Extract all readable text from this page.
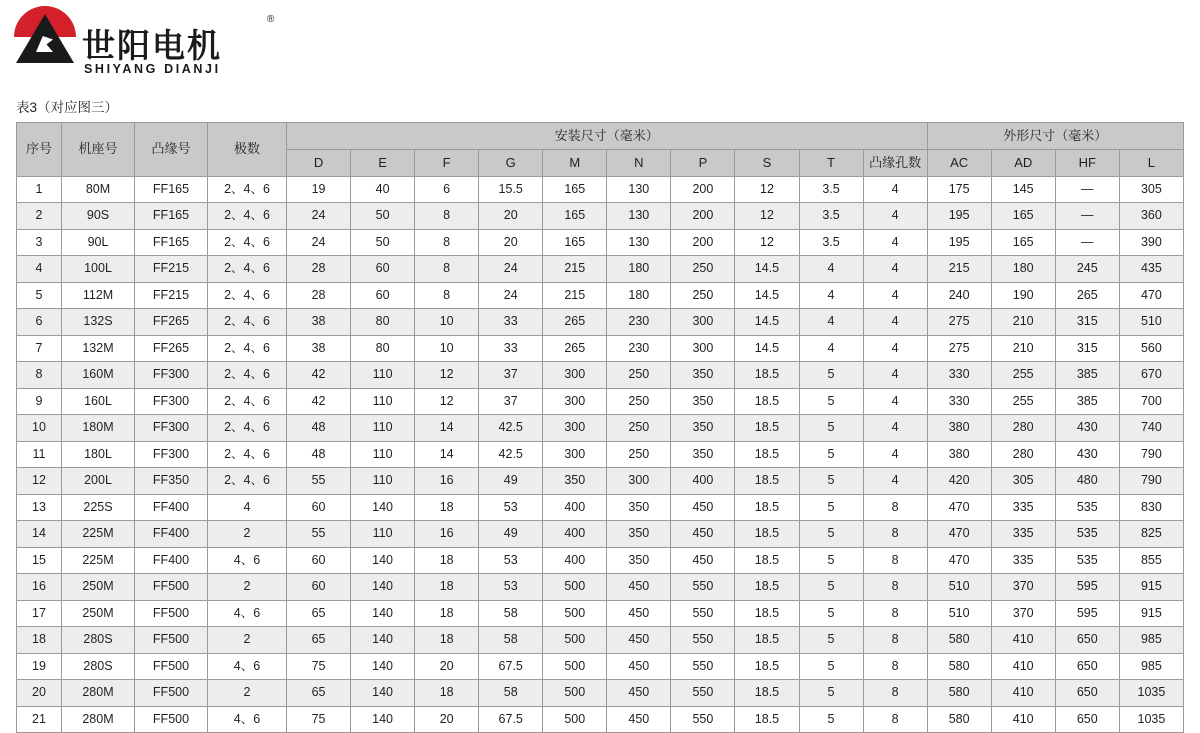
世阳电机
®
SHIYANG DIANJI
表3（对应图三）
序号	机座号	凸缘号	极数	安装尺寸（毫米）										外形尺寸（毫米）			
				D	E	F	G	M	N	P	S	T	凸缘孔数	AC	AD	HF	L
1	80M	FF165	2、4、6	19	40	6	15.5	165	130	200	12	3.5	4	175	145	—	305
2	90S	FF165	2、4、6	24	50	8	20	165	130	200	12	3.5	4	195	165	—	360
3	90L	FF165	2、4、6	24	50	8	20	165	130	200	12	3.5	4	195	165	—	390
4	100L	FF215	2、4、6	28	60	8	24	215	180	250	14.5	4	4	215	180	245	435
5	112M	FF215	2、4、6	28	60	8	24	215	180	250	14.5	4	4	240	190	265	470
6	132S	FF265	2、4、6	38	80	10	33	265	230	300	14.5	4	4	275	210	315	510
7	132M	FF265	2、4、6	38	80	10	33	265	230	300	14.5	4	4	275	210	315	560
8	160M	FF300	2、4、6	42	110	12	37	300	250	350	18.5	5	4	330	255	385	670
9	160L	FF300	2、4、6	42	110	12	37	300	250	350	18.5	5	4	330	255	385	700
10	180M	FF300	2、4、6	48	110	14	42.5	300	250	350	18.5	5	4	380	280	430	740
11	180L	FF300	2、4、6	48	110	14	42.5	300	250	350	18.5	5	4	380	280	430	790
12	200L	FF350	2、4、6	55	110	16	49	350	300	400	18.5	5	4	420	305	480	790
13	225S	FF400	4	60	140	18	53	400	350	450	18.5	5	8	470	335	535	830
14	225M	FF400	2	55	110	16	49	400	350	450	18.5	5	8	470	335	535	825
15	225M	FF400	4、6	60	140	18	53	400	350	450	18.5	5	8	470	335	535	855
16	250M	FF500	2	60	140	18	53	500	450	550	18.5	5	8	510	370	595	915
17	250M	FF500	4、6	65	140	18	58	500	450	550	18.5	5	8	510	370	595	915
18	280S	FF500	2	65	140	18	58	500	450	550	18.5	5	8	580	410	650	985
19	280S	FF500	4、6	75	140	20	67.5	500	450	550	18.5	5	8	580	410	650	985
20	280M	FF500	2	65	140	18	58	500	450	550	18.5	5	8	580	410	650	1035
21	280M	FF500	4、6	75	140	20	67.5	500	450	550	18.5	5	8	580	410	650	1035
